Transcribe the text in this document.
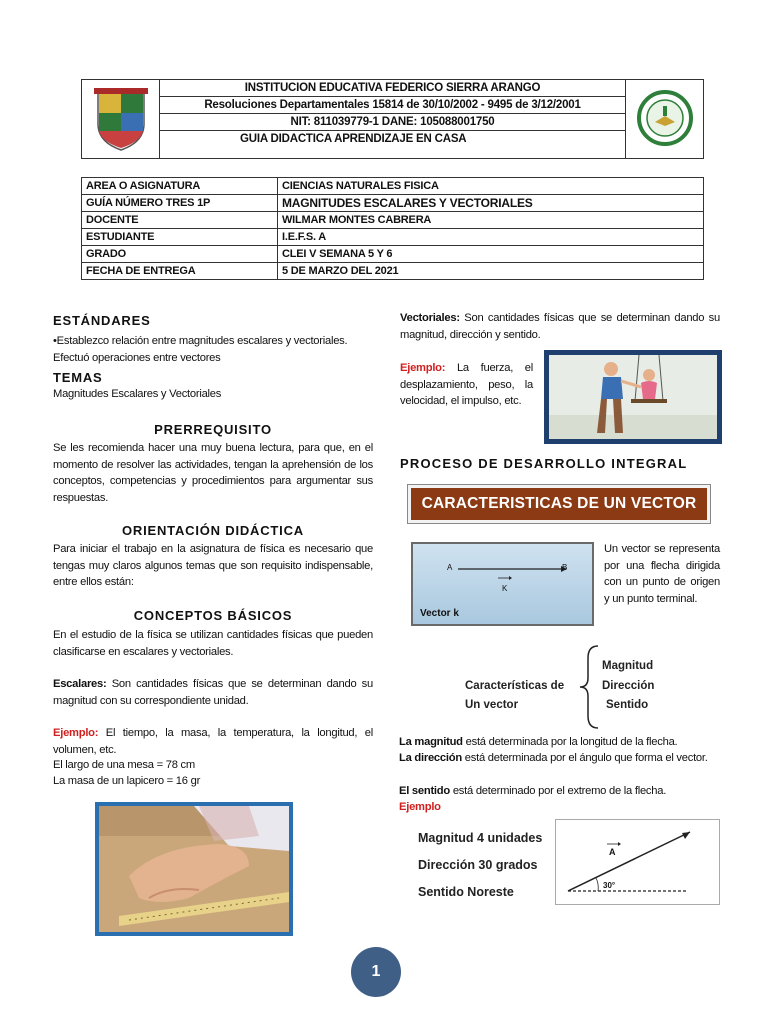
INSTITUCION EDUCATIVA FEDERICO SIERRA ARANGO
Resoluciones Departamentales 15814 de 30/10/2002 - 9495 de 3/12/2001
NIT: 811039779-1 DANE: 105088001750
GUIA DIDACTICA APRENDIZAJE EN CASA
AREA O ASIGNATURA	CIENCIAS NATURALES FISICA
GUÍA NÚMERO TRES 1P	MAGNITUDES ESCALARES Y VECTORIALES
DOCENTE	WILMAR MONTES CABRERA
ESTUDIANTE	I.E.F.S. A
GRADO	CLEI V SEMANA 5 Y 6
FECHA DE ENTREGA	5 DE MARZO DEL 2021
ESTÁNDARES
•Establezco relación entre magnitudes escalares y vectoriales.
Efectuó operaciones entre vectores
TEMAS
Magnitudes Escalares y Vectoriales
PRERREQUISITO
Se les recomienda hacer una muy buena lectura, para que, en el momento de resolver las actividades, tengan la aprehensión de los conceptos, competencias y procedimientos para argumentar sus respuestas.
ORIENTACIÓN DIDÁCTICA
Para iniciar el trabajo en la asignatura de física es necesario que tengas muy claros algunos temas que son requisito indispensable, entre ellos están:
CONCEPTOS BÁSICOS
En el estudio de la física se utilizan cantidades físicas que pueden clasificarse en escalares y vectoriales.
Escalares: Son cantidades físicas que se determinan dando su magnitud con su correspondiente unidad.
Ejemplo: El tiempo, la masa, la temperatura, la longitud, el volumen, etc.
El largo de una mesa = 78 cm
La masa de un lapicero = 16 gr
Vectoriales: Son cantidades físicas que se determinan dando su magnitud, dirección y sentido.
Ejemplo: La fuerza, el desplazamiento, peso, la velocidad, el impulso, etc.
PROCESO DE DESARROLLO INTEGRAL
CARACTERISTICAS DE UN VECTOR
A	B
K
Vector k
Un vector se representa por una flecha dirigida con un punto de origen y un punto terminal.
Características de
Un vector
Magnitud
Dirección
Sentido
La magnitud está determinada por la longitud de la flecha.
La dirección está determinada por el ángulo que forma el vector.
El sentido está determinado por el extremo de la flecha.
Ejemplo
Magnitud 4 unidades
Dirección 30 grados
Sentido Noreste
A
30°
1
